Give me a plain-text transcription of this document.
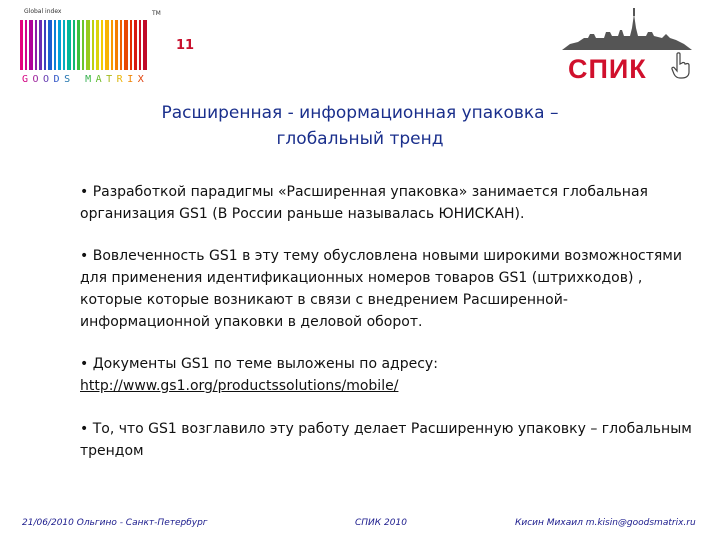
Global index	TM
GOODS MATRIX
11
СПИК
Расширенная - информационная упаковка –
глобальный тренд
• Разработкой парадигмы «Расширенная упаковка» занимается глобальная организация GS1 (В России раньше называлась ЮНИСКАН).
• Вовлеченность GS1 в эту тему обусловлена новыми широкими возможностями для применения идентификационных номеров товаров GS1 (штрихкодов) , которые которые возникают в связи с внедрением Расширенной-информационной упаковки в деловой оборот.
• Документы GS1 по теме выложены по адресу:
http://www.gs1.org/productssolutions/mobile/
• То, что GS1 возглавило эту работу делает Расширенную упаковку – глобальным трендом
21/06/2010 Ольгино - Санкт-Петербург	СПИК 2010	Кисин Михаил m.kisin@goodsmatrix.ru
